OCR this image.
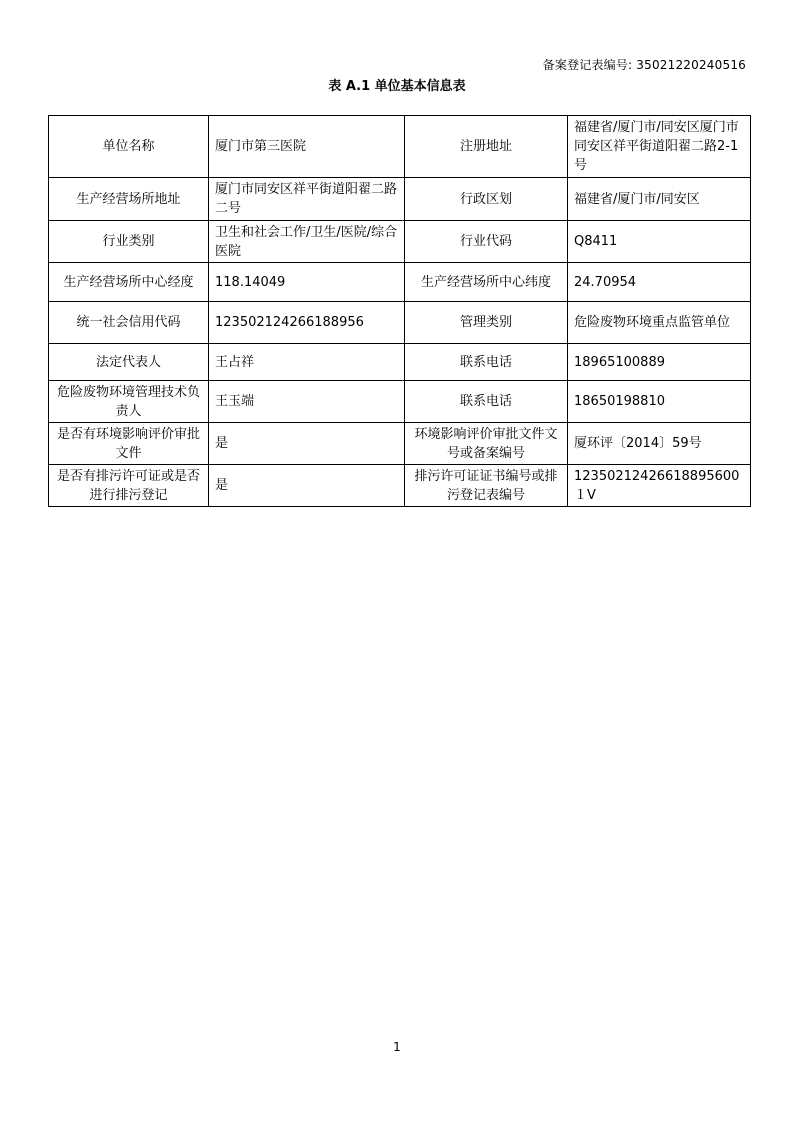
备案登记表编号: 35021220240516
表 A.1 单位基本信息表
单位名称	厦门市第三医院	注册地址	福建省/厦门市/同安区厦门市同安区祥平街道阳翟二路2-1号
生产经营场所地址	厦门市同安区祥平街道阳翟二路二号	行政区划	福建省/厦门市/同安区
行业类别	卫生和社会工作/卫生/医院/综合医院	行业代码	Q8411
生产经营场所中心经度	118.14049	生产经营场所中心纬度	24.70954
统一社会信用代码	123502124266188956	管理类别	危险废物环境重点监管单位
法定代表人	王占祥	联系电话	18965100889
危险废物环境管理技术负责人	王玉端	联系电话	18650198810
是否有环境影响评价审批文件	是	环境影响评价审批文件文号或备案编号	厦环评〔2014〕59号
是否有排污许可证或是否进行排污登记	是	排污许可证证书编号或排污登记表编号	12350212426618895600１V
1
